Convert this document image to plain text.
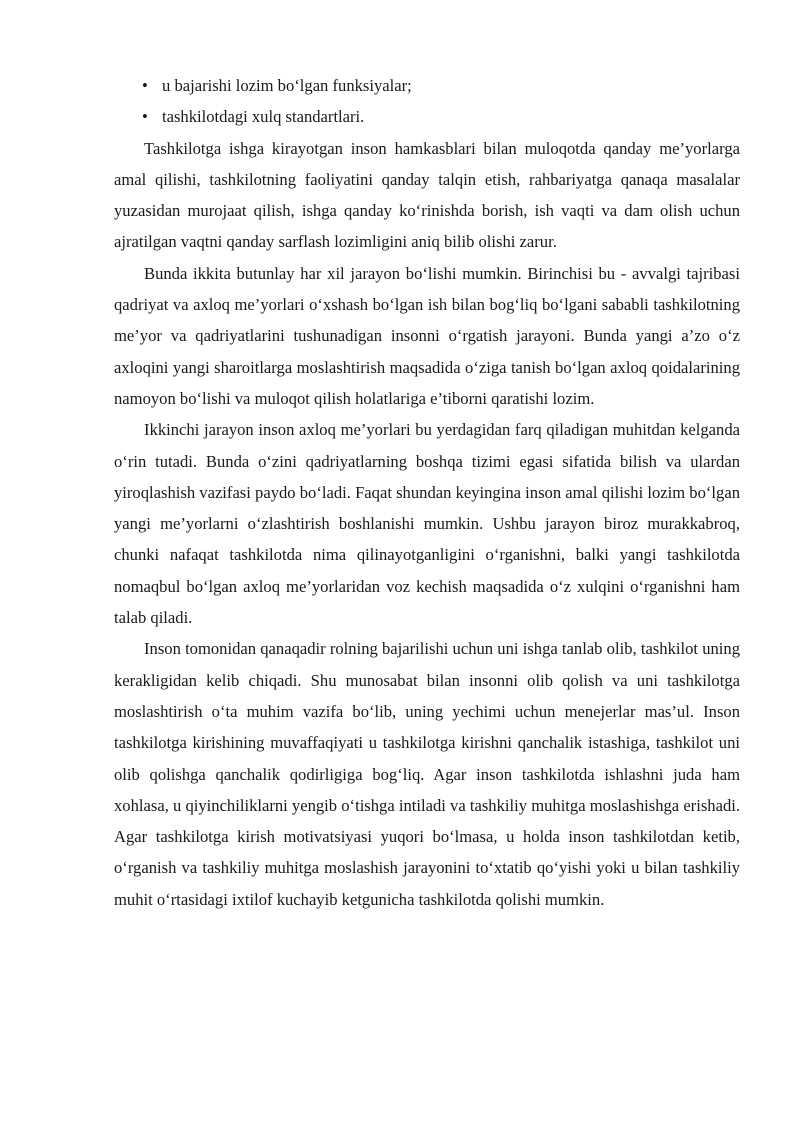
• u bajarishi lozim bo‘lgan funksiyalar;
• tashkilotdagi xulq standartlari.

Tashkilotga ishga kirayotgan inson hamkasblari bilan muloqotda qanday me’yorlarga amal qilishi, tashkilotning faoliyatini qanday talqin etish, rahbariyatga qanaqa masalalar yuzasidan murojaat qilish, ishga qanday ko‘rinishda borish, ish vaqti va dam olish uchun ajratilgan vaqtni qanday sarflash lozimligini aniq bilib olishi zarur.

Bunda ikkita butunlay har xil jarayon bo‘lishi mumkin. Birinchisi bu - avvalgi tajribasi qadriyat va axloq me’yorlari o‘xshash bo‘lgan ish bilan bog‘liq bo‘lgani sababli tashkilotning me’yor va qadriyatlarini tushunadigan insonni o‘rgatish jarayoni. Bunda yangi a’zo o‘z axloqini yangi sharoitlarga moslashtirish maqsadida o‘ziga tanish bo‘lgan axloq qoidalarining namoyon bo‘lishi va muloqot qilish holatlariga e’tiborni qaratishi lozim.

Ikkinchi jarayon inson axloq me’yorlari bu yerdagidan farq qiladigan muhitdan kelganda o‘rin tutadi. Bunda o‘zini qadriyatlarning boshqa tizimi egasi sifatida bilish va ulardan yiroqlashish vazifasi paydo bo‘ladi. Faqat shundan keyingina inson amal qilishi lozim bo‘lgan yangi me’yorlarni o‘zlashtirish boshlanishi mumkin. Ushbu jarayon biroz murakkabroq, chunki nafaqat tashkilotda nima qilinayotganligini o‘rganishni, balki yangi tashkilotda nomaqbul bo‘lgan axloq me’yorlaridan voz kechish maqsadida o‘z xulqini o‘rganishni ham talab qiladi.

Inson tomonidan qanaqadir rolning bajarilishi uchun uni ishga tanlab olib, tashkilot uning kerakligidan kelib chiqadi. Shu munosabat bilan insonni olib qolish va uni tashkilotga moslashtirish o‘ta muhim vazifa bo‘lib, uning yechimi uchun menejerlar mas’ul. Inson tashkilotga kirishining muvaffaqiyati u tashkilotga kirishni qanchalik istashiga, tashkilot uni olib qolishga qanchalik qodirligiga bog‘liq. Agar inson tashkilotda ishlashni juda ham xohlasa, u qiyinchiliklarni yengib o‘tishga intiladi va tashkiliy muhitga moslashishga erishadi. Agar tashkilotga kirish motivatsiyasi yuqori bo‘lmasa, u holda inson tashkilotdan ketib, o‘rganish va tashkiliy muhitga moslashish jarayonini to‘xtatib qo‘yishi yoki u bilan tashkiliy muhit o‘rtasidagi ixtilof kuchayib ketgunicha tashkilotda qolishi mumkin.
